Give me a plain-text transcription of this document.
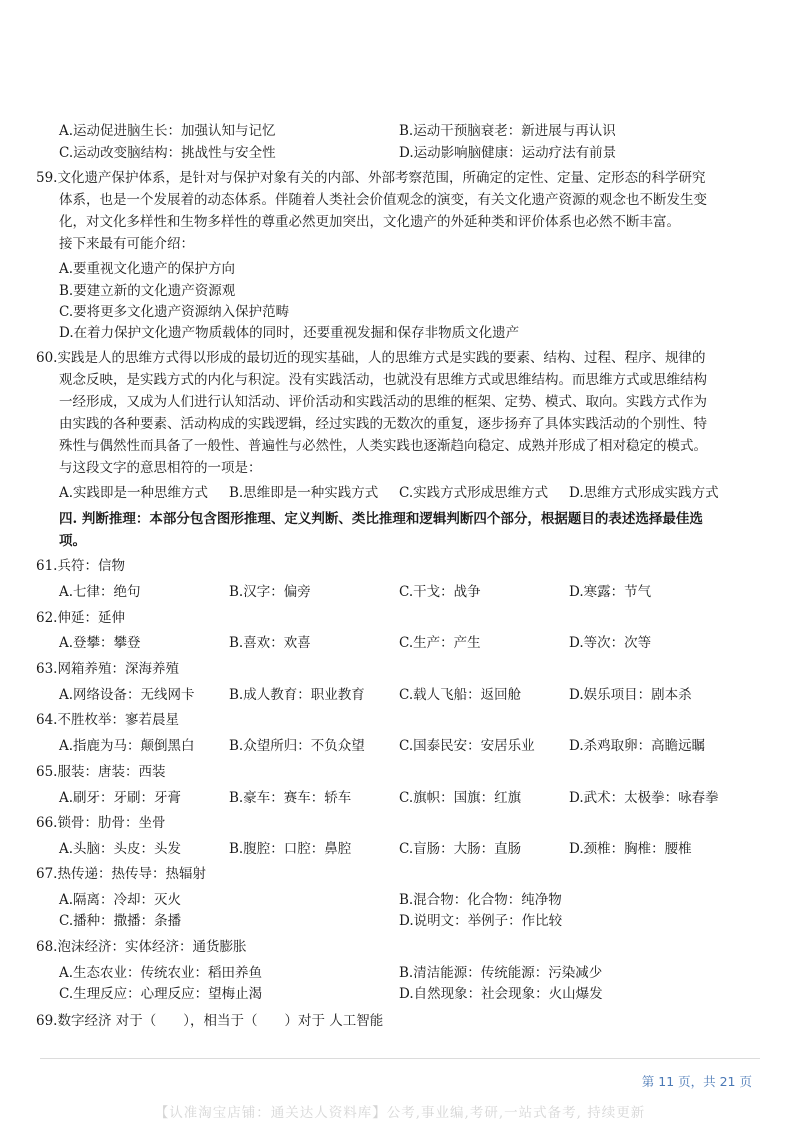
A.运动促进脑生长：加强认知与记忆	B.运动干预脑衰老：新进展与再认识
C.运动改变脑结构：挑战性与安全性	D.运动影响脑健康：运动疗法有前景
59.文化遗产保护体系，是针对与保护对象有关的内部、外部考察范围，所确定的定性、定量、定形态的科学研究
体系，也是一个发展着的动态体系。伴随着人类社会价值观念的演变，有关文化遗产资源的观念也不断发生变
化，对文化多样性和生物多样性的尊重必然更加突出，文化遗产的外延种类和评价体系也必然不断丰富。
接下来最有可能介绍：
A.要重视文化遗产的保护方向
B.要建立新的文化遗产资源观
C.要将更多文化遗产资源纳入保护范畴
D.在着力保护文化遗产物质载体的同时，还要重视发掘和保存非物质文化遗产
60.实践是人的思维方式得以形成的最切近的现实基础，人的思维方式是实践的要素、结构、过程、程序、规律的
观念反映，是实践方式的内化与积淀。没有实践活动，也就没有思维方式或思维结构。而思维方式或思维结构
一经形成，又成为人们进行认知活动、评价活动和实践活动的思维的框架、定势、模式、取向。实践方式作为
由实践的各种要素、活动构成的实践逻辑，经过实践的无数次的重复，逐步扬弃了具体实践活动的个别性、特
殊性与偶然性而具备了一般性、普遍性与必然性，人类实践也逐渐趋向稳定、成熟并形成了相对稳定的模式。
与这段文字的意思相符的一项是：
A.实践即是一种思维方式 B.思维即是一种实践方式 C.实践方式形成思维方式 D.思维方式形成实践方式
四. 判断推理：本部分包含图形推理、定义判断、类比推理和逻辑判断四个部分，根据题目的表述选择最佳选
项。
61.兵符：信物
A.七律：绝句	B.汉字：偏旁	C.干戈：战争	D.寒露：节气
62.伸延：延伸
A.登攀：攀登	B.喜欢：欢喜	C.生产：产生	D.等次：次等
63.网箱养殖：深海养殖
A.网络设备：无线网卡	B.成人教育：职业教育	C.载人飞船：返回舱	D.娱乐项目：剧本杀
64.不胜枚举：寥若晨星
A.指鹿为马：颠倒黑白	B.众望所归：不负众望	C.国泰民安：安居乐业	D.杀鸡取卵：高瞻远瞩
65.服装：唐装：西装
A.刷牙：牙刷：牙膏	B.豪车：赛车：轿车	C.旗帜：国旗：红旗	D.武术：太极拳：咏春拳
66.锁骨：肋骨：坐骨
A.头脑：头皮：头发	B.腹腔：口腔：鼻腔	C.盲肠：大肠：直肠	D.颈椎：胸椎：腰椎
67.热传递：热传导：热辐射
A.隔离：冷却：灭火	B.混合物：化合物：纯净物
C.播种：撒播：条播	D.说明文：举例子：作比较
68.泡沫经济：实体经济：通货膨胀
A.生态农业：传统农业：稻田养鱼	B.清洁能源：传统能源：污染减少
C.生理反应：心理反应：望梅止渴	D.自然现象：社会现象：火山爆发
69.数字经济 对于（　　），相当于（　　）对于 人工智能
第 11 页，共 21 页
【认准淘宝店铺：通关达人资料库】公考,事业编,考研,一站式备考, 持续更新
